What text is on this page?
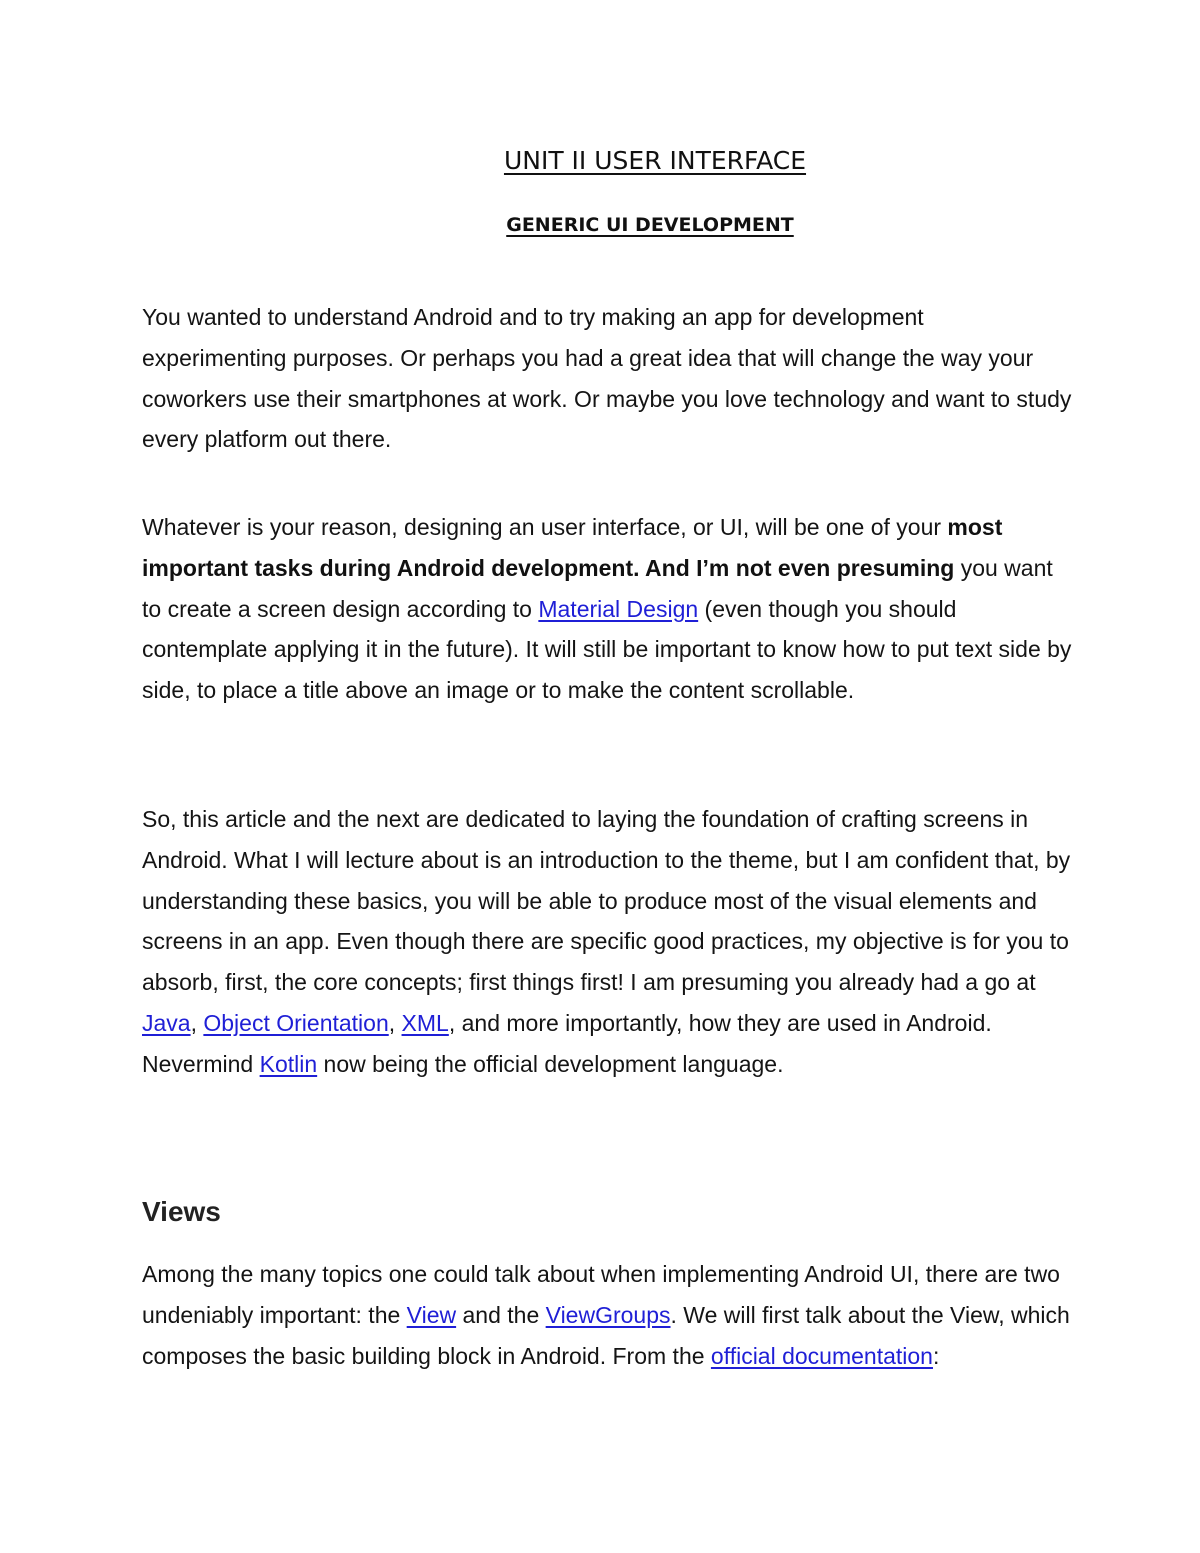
UNIT II USER INTERFACE
GENERIC UI DEVELOPMENT

You wanted to understand Android and to try making an app for development experimenting purposes. Or perhaps you had a great idea that will change the way your coworkers use their smartphones at work. Or maybe you love technology and want to study every platform out there.

Whatever is your reason, designing an user interface, or UI, will be one of your most important tasks during Android development. And I’m not even presuming you want to create a screen design according to Material Design (even though you should contemplate applying it in the future). It will still be important to know how to put text side by side, to place a title above an image or to make the content scrollable.

So, this article and the next are dedicated to laying the foundation of crafting screens in Android. What I will lecture about is an introduction to the theme, but I am confident that, by understanding these basics, you will be able to produce most of the visual elements and screens in an app. Even though there are specific good practices, my objective is for you to absorb, first, the core concepts; first things first! I am presuming you already had a go at Java, Object Orientation, XML, and more importantly, how they are used in Android. Nevermind Kotlin now being the official development language.

Views

Among the many topics one could talk about when implementing Android UI, there are two undeniably important: the View and the ViewGroups. We will first talk about the View, which composes the basic building block in Android. From the official documentation:
